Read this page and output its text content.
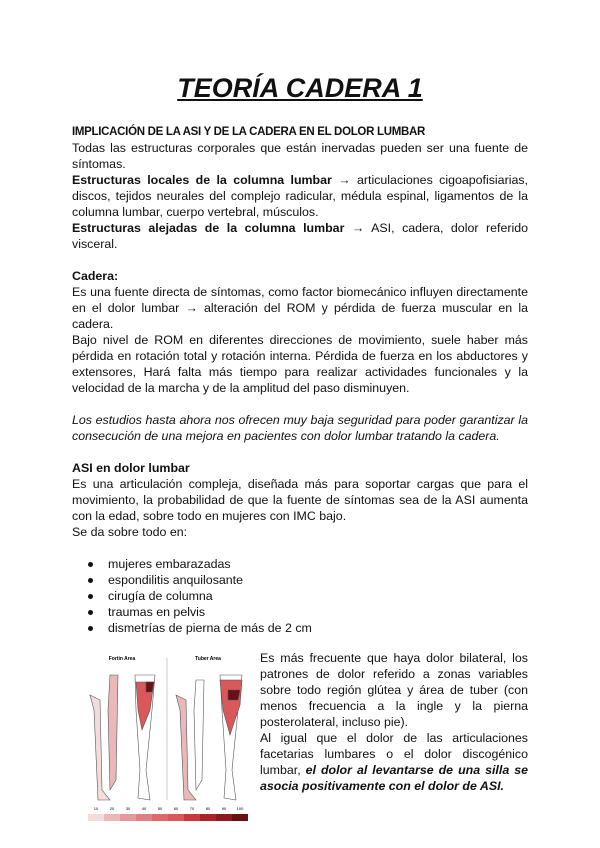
TEORÍA CADERA 1

IMPLICACIÓN DE LA ASI Y DE LA CADERA EN EL DOLOR LUMBAR

Todas las estructuras corporales que están inervadas pueden ser una fuente de síntomas.

Estructuras locales de la columna lumbar → articulaciones cigoapofisiarias, discos, tejidos neurales del complejo radicular, médula espinal, ligamentos de la columna lumbar, cuerpo vertebral, músculos.

Estructuras alejadas de la columna lumbar → ASI, cadera, dolor referido visceral.

Cadera:

Es una fuente directa de síntomas, como factor biomecánico influyen directamente en el dolor lumbar → alteración del ROM y pérdida de fuerza muscular en la cadera.

Bajo nivel de ROM en diferentes direcciones de movimiento, suele haber más pérdida en rotación total y rotación interna. Pérdida de fuerza en los abductores y extensores, Hará falta más tiempo para realizar actividades funcionales y la velocidad de la marcha y de la amplitud del paso disminuyen.

Los estudios hasta ahora nos ofrecen muy baja seguridad para poder garantizar la consecución de una mejora en pacientes con dolor lumbar tratando la cadera.

ASI en dolor lumbar

Es una articulación compleja, diseñada más para soportar cargas que para el movimiento, la probabilidad de que la fuente de síntomas sea de la ASI aumenta con la edad, sobre todo en mujeres con IMC bajo.

Se da sobre todo en:

mujeres embarazadas
espondilitis anquilosante
cirugía de columna
traumas en pelvis
dismetrías de pierna de más de 2 cm
Fortin Area	Tuber Area
10	20	30	40	50	60	70	80	90	100

Es más frecuente que haya dolor bilateral, los patrones de dolor referido a zonas variables sobre todo región glútea y área de tuber (con menos frecuencia a la ingle y la pierna posterolateral, incluso pie).

Al igual que el dolor de las articulaciones facetarias lumbares o el dolor discogénico lumbar, el dolor al levantarse de una silla se asocia positivamente con el dolor de ASI.
